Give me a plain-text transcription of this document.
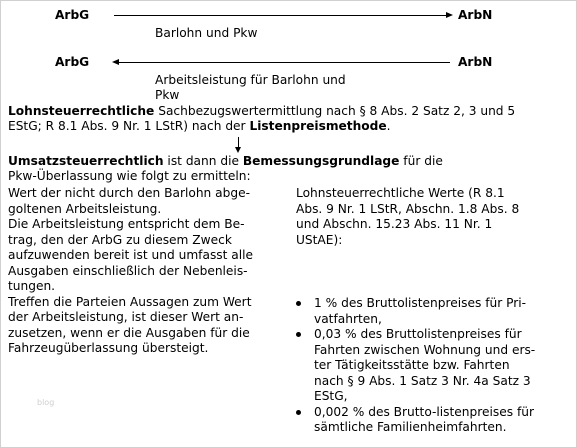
ArbG	ArbN
Barlohn und Pkw
ArbG	ArbN
Arbeitsleistung für Barlohn und
Pkw
Lohnsteuerrechtliche Sachbezugswertermittlung nach § 8 Abs. 2 Satz 2, 3 und 5
EStG; R 8.1 Abs. 9 Nr. 1 LStR) nach der Listenpreismethode.
Umsatzsteuerrechtlich ist dann die Bemessungsgrundlage für die
Pkw-Überlassung wie folgt zu ermitteln:
Wert der nicht durch den Barlohn abge-
goltenen Arbeitsleistung.
Die Arbeitsleistung entspricht dem Be-
trag, den der ArbG zu diesem Zweck
aufzuwenden bereit ist und umfasst alle
Ausgaben einschließlich der Nebenleis-
tungen.
Treffen die Parteien Aussagen zum Wert
der Arbeitsleistung, ist dieser Wert an-
zusetzen, wenn er die Ausgaben für die
Fahrzeugüberlassung übersteigt.
Lohnsteuerrechtliche Werte (R 8.1
Abs. 9 Nr. 1 LStR, Abschn. 1.8 Abs. 8
und Abschn. 15.23 Abs. 11 Nr. 1
UStAE):
1 % des Bruttolistenpreises für Pri-
vatfahrten,
0,03 % des Bruttolistenpreises für
Fahrten zwischen Wohnung und ers-
ter Tätigkeitsstätte bzw. Fahrten
nach § 9 Abs. 1 Satz 3 Nr. 4a Satz 3
EStG,
0,002 % des Brutto-listenpreises für
sämtliche Familienheimfahrten.
blog
